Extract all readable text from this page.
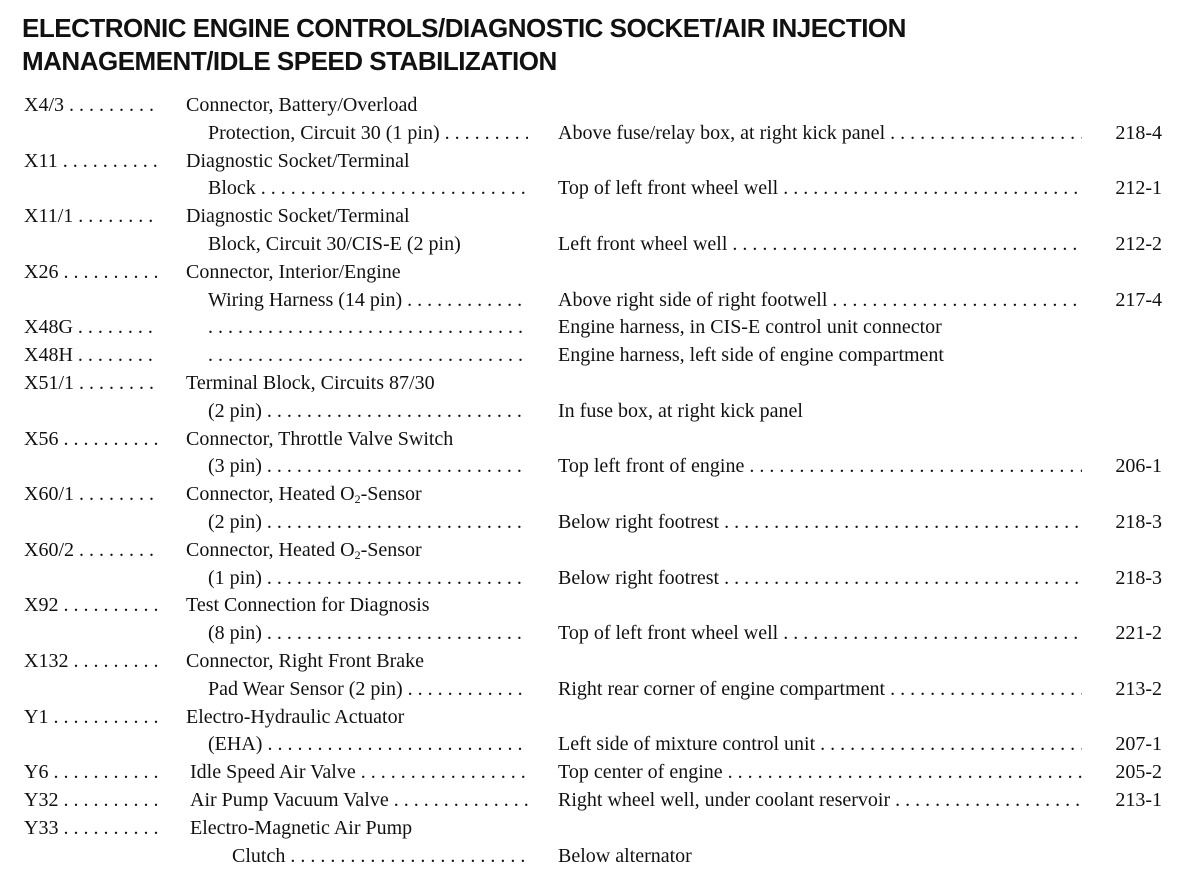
ELECTRONIC ENGINE CONTROLS/DIAGNOSTIC SOCKET/AIR INJECTION
MANAGEMENT/IDLE SPEED STABILIZATION
X4/3 . . .	Connector, Battery/Overload
Protection, Circuit 30 (1 pin) . . .	Above fuse/relay box, at right kick panel . . .	218-4
X11 . . .	Diagnostic Socket/Terminal
Block . . .	Top of left front wheel well . . .	212-1
X11/1 . . .	Diagnostic Socket/Terminal
Block, Circuit 30/CIS-E (2 pin)	Left front wheel well . . .	212-2
X26 . . .	Connector, Interior/Engine
Wiring Harness (14 pin) . . .	Above right side of right footwell . . .	217-4
X48G . . . . . .	Engine harness, in CIS-E control unit connector
X48H . . . . . .	Engine harness, left side of engine compartment
X51/1 . . .	Terminal Block, Circuits 87/30
(2 pin) . . .	In fuse box, at right kick panel
X56 . . .	Connector, Throttle Valve Switch
(3 pin) . . .	Top left front of engine . . .	206-1
X60/1 . . .	Connector, Heated $O_2$-Sensor
(2 pin) . . .	Below right footrest . . .	218-3
X60/2 . . .	Connector, Heated $O_2$-Sensor
(1 pin) . . .	Below right footrest . . .	218-3
X92 . . .	Test Connection for Diagnosis
(8 pin) . . .	Top of left front wheel well . . .	221-2
X132 . . .	Connector, Right Front Brake
Pad Wear Sensor (2 pin) . . .	Right rear corner of engine compartment . . .	213-2
Y1 . . .	Electro-Hydraulic Actuator
(EHA) . . .	Left side of mixture control unit . . .	207-1
Y6 . . .	Idle Speed Air Valve . . .	Top center of engine . . .	205-2
Y32 . . .	Air Pump Vacuum Valve . . .	Right wheel well, under coolant reservoir . . .	213-1
Y33 . . .	Electro-Magnetic Air Pump
Clutch . . .	Below alternator
